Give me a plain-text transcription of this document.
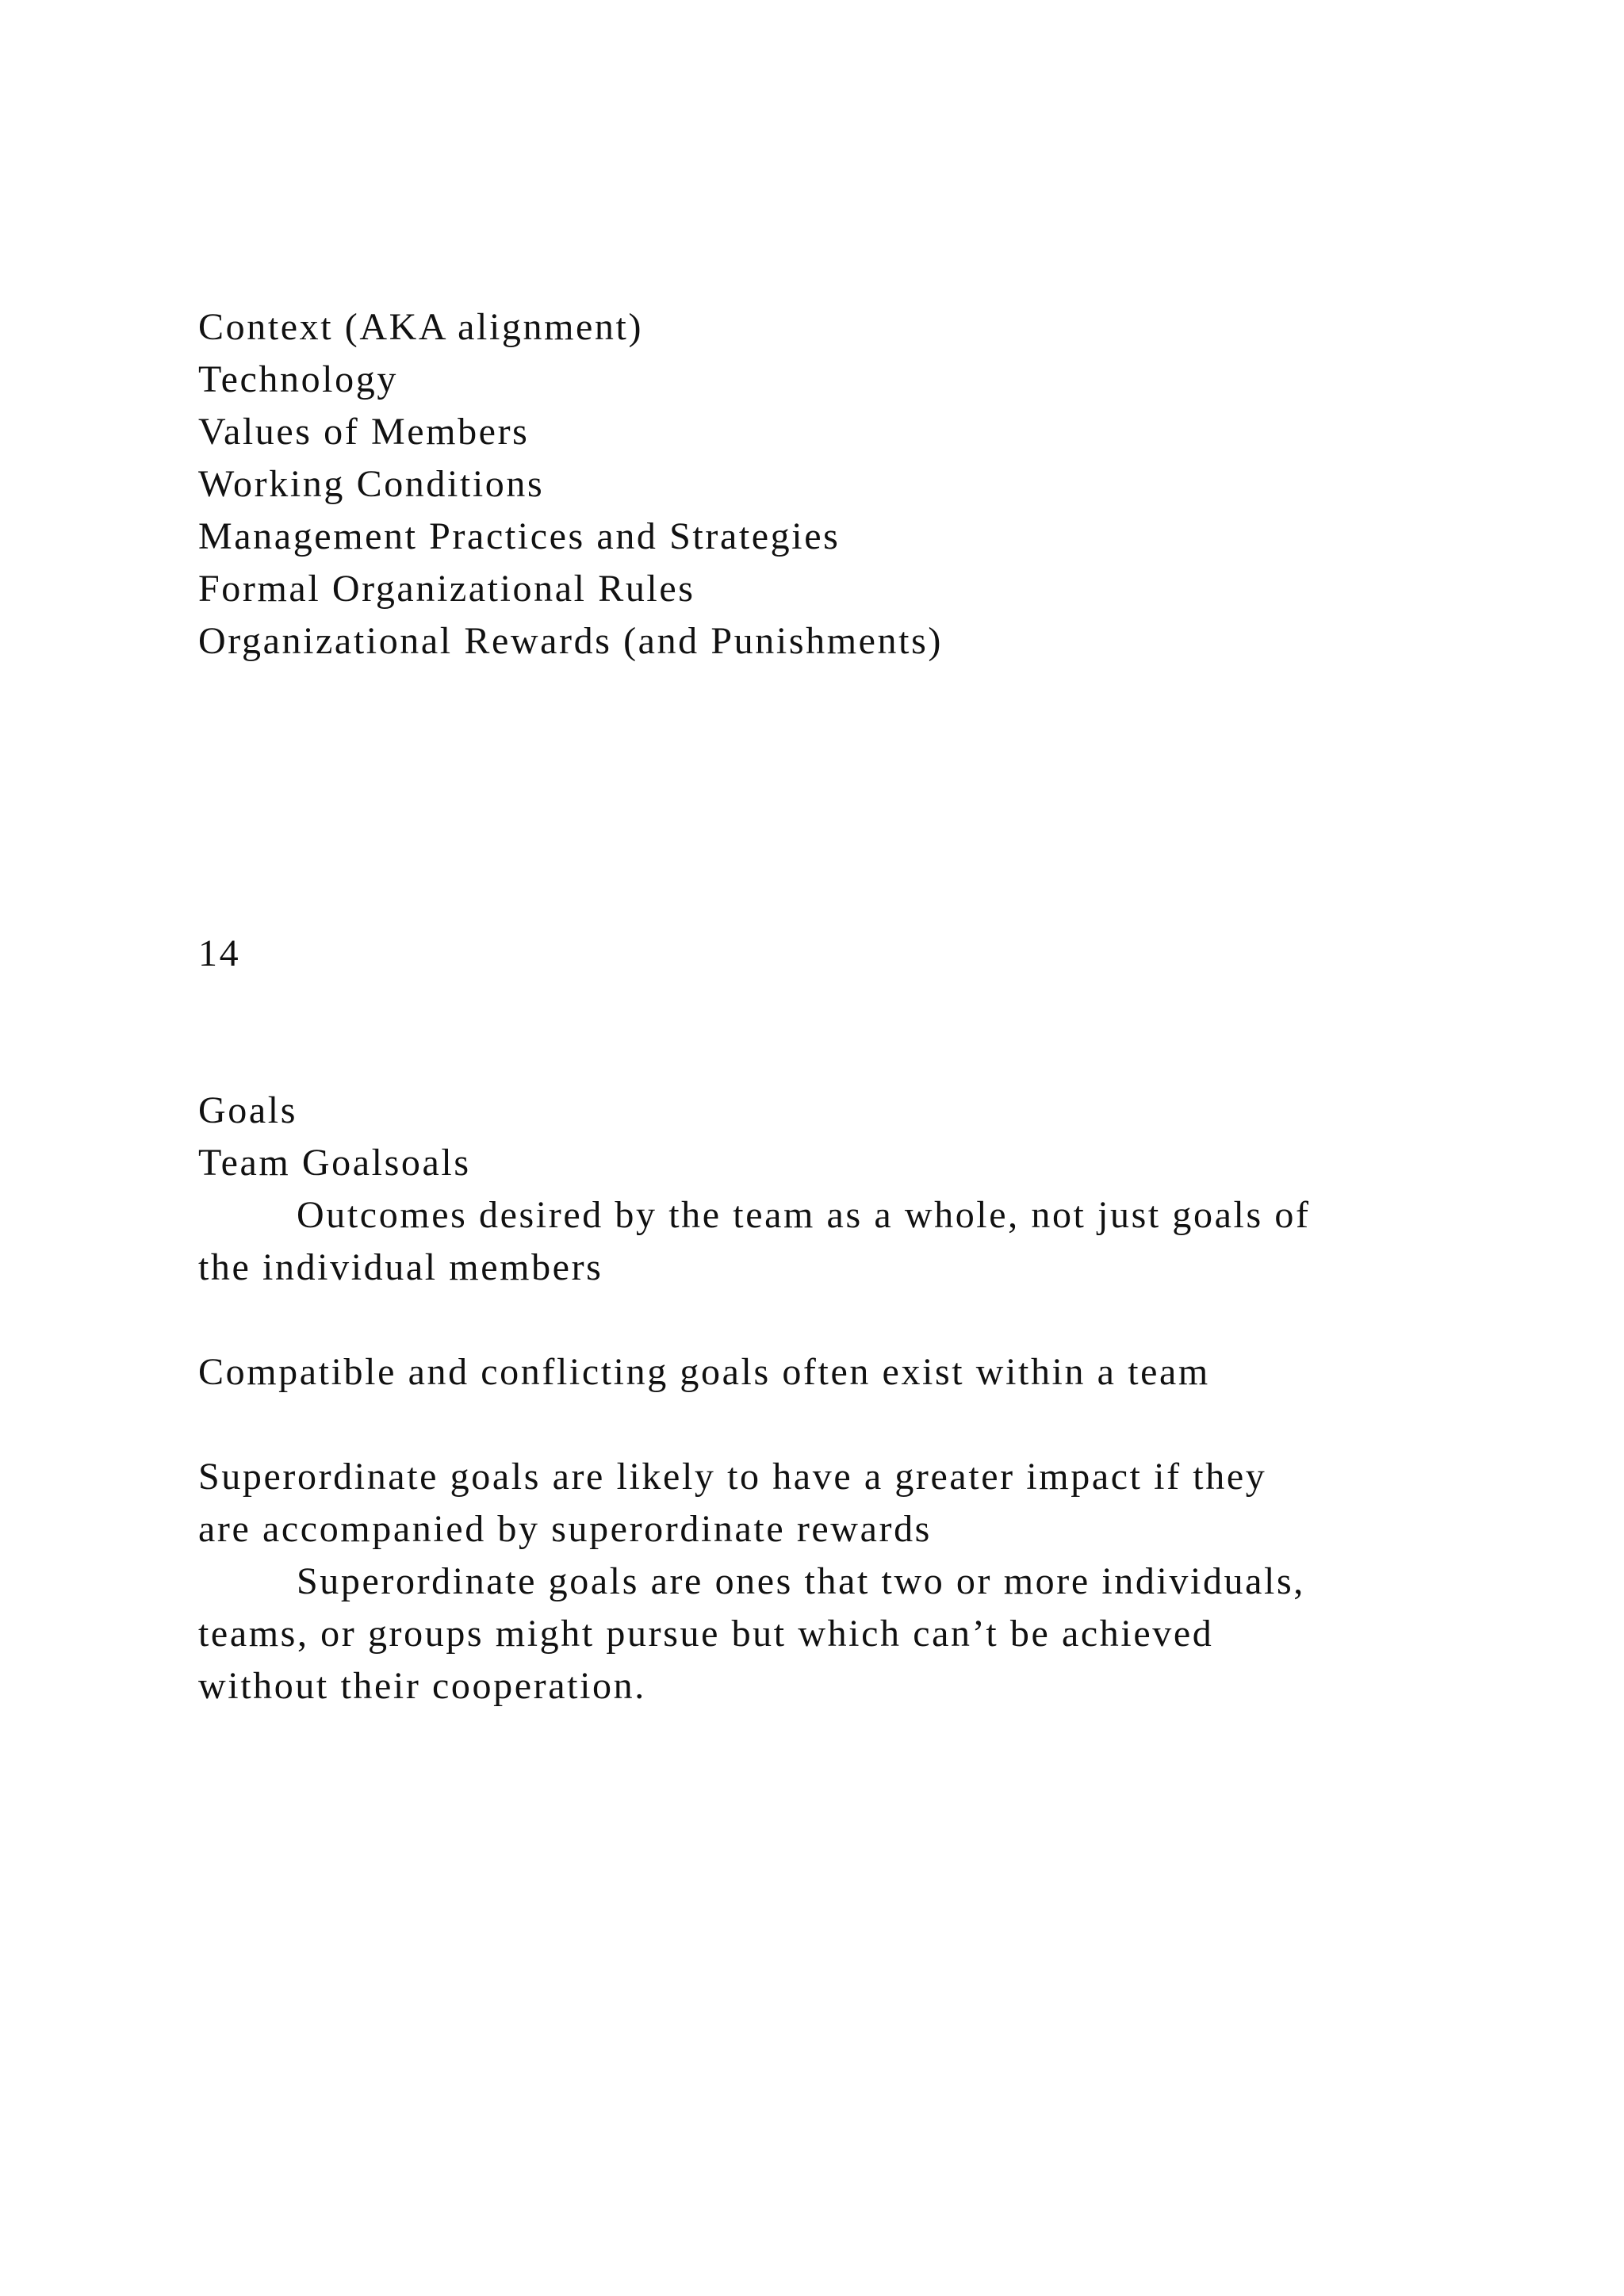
Context (AKA alignment)
Technology
Values of Members
Working Conditions
Management Practices and Strategies
Formal Organizational Rules
Organizational Rewards (and Punishments)
14
Goals
Team Goalsoals
Outcomes desired by the team as a whole, not just goals of
the individual members
Compatible and conflicting goals often exist within a team
Superordinate goals are likely to have a greater impact if they
are accompanied by superordinate rewards
Superordinate goals are ones that two or more individuals,
teams, or groups might pursue but which can’t be achieved
without their cooperation.
